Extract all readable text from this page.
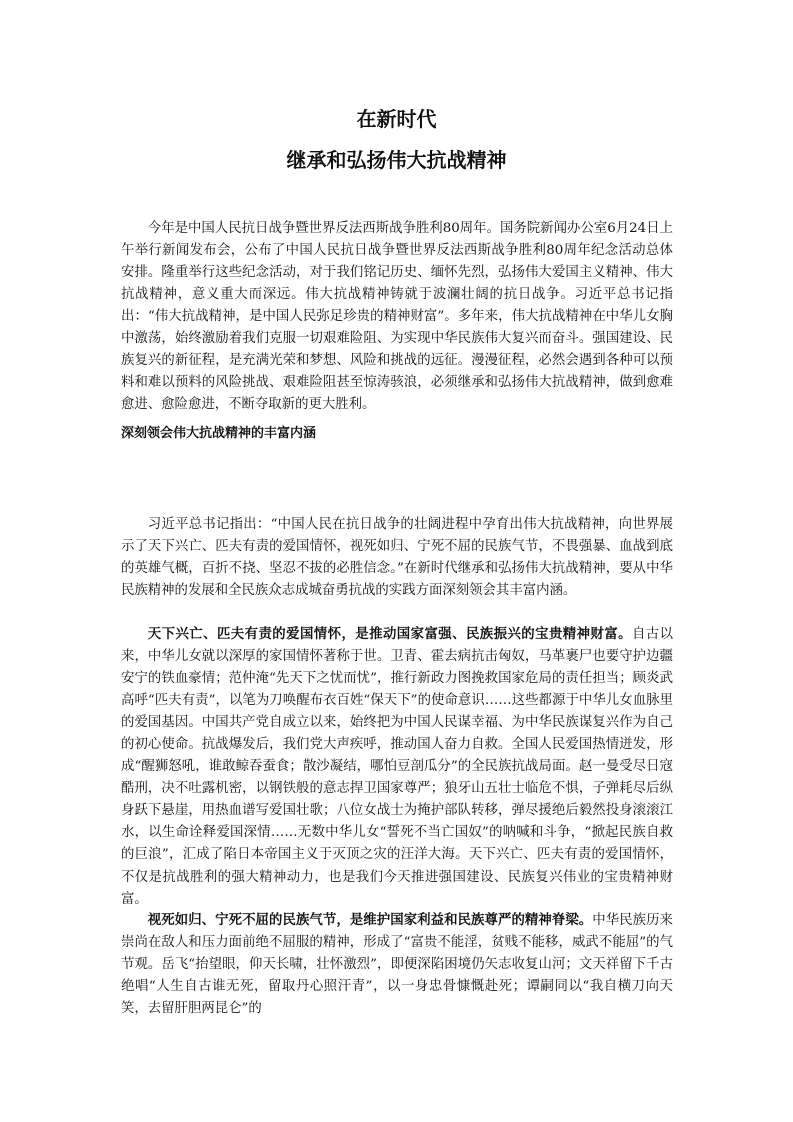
在新时代
继承和弘扬伟大抗战精神

今年是中国人民抗日战争暨世界反法西斯战争胜利80周年。国务院新闻办公室6月24日上午举行新闻发布会，公布了中国人民抗日战争暨世界反法西斯战争胜利80周年纪念活动总体安排。隆重举行这些纪念活动，对于我们铭记历史、缅怀先烈，弘扬伟大爱国主义精神、伟大抗战精神，意义重大而深远。伟大抗战精神铸就于波澜壮阔的抗日战争。习近平总书记指出：“伟大抗战精神，是中国人民弥足珍贵的精神财富”。多年来，伟大抗战精神在中华儿女胸中激荡，始终激励着我们克服一切艰难险阻、为实现中华民族伟大复兴而奋斗。强国建设、民族复兴的新征程，是充满光荣和梦想、风险和挑战的远征。漫漫征程，必然会遇到各种可以预料和难以预料的风险挑战、艰难险阻甚至惊涛骇浪，必须继承和弘扬伟大抗战精神，做到愈难愈进、愈险愈进，不断夺取新的更大胜利。

深刻领会伟大抗战精神的丰富内涵

习近平总书记指出：“中国人民在抗日战争的壮阔进程中孕育出伟大抗战精神，向世界展示了天下兴亡、匹夫有责的爱国情怀，视死如归、宁死不屈的民族气节，不畏强暴、血战到底的英雄气概，百折不挠、坚忍不拔的必胜信念。”在新时代继承和弘扬伟大抗战精神，要从中华民族精神的发展和全民族众志成城奋勇抗战的实践方面深刻领会其丰富内涵。

天下兴亡、匹夫有责的爱国情怀，是推动国家富强、民族振兴的宝贵精神财富。自古以来，中华儿女就以深厚的家国情怀著称于世。卫青、霍去病抗击匈奴，马革裹尸也要守护边疆安宁的铁血豪情；范仲淹“先天下之忧而忧”，推行新政力图挽救国家危局的责任担当；顾炎武高呼“匹夫有责”，以笔为刀唤醒布衣百姓“保天下”的使命意识……这些都源于中华儿女血脉里的爱国基因。中国共产党自成立以来，始终把为中国人民谋幸福、为中华民族谋复兴作为自己的初心使命。抗战爆发后，我们党大声疾呼，推动国人奋力自救。全国人民爱国热情迸发，形成“醒狮怒吼，谁敢鲸吞蚕食；散沙凝结，哪怕豆剖瓜分”的全民族抗战局面。赵一曼受尽日寇酷刑，决不吐露机密，以钢铁般的意志捍卫国家尊严；狼牙山五壮士临危不惧，子弹耗尽后纵身跃下悬崖，用热血谱写爱国壮歌；八位女战士为掩护部队转移，弹尽援绝后毅然投身滚滚江水，以生命诠释爱国深情……无数中华儿女“誓死不当亡国奴”的呐喊和斗争，“掀起民族自救的巨浪”，汇成了陷日本帝国主义于灭顶之灾的汪洋大海。天下兴亡、匹夫有责的爱国情怀，不仅是抗战胜利的强大精神动力，也是我们今天推进强国建设、民族复兴伟业的宝贵精神财富。

视死如归、宁死不屈的民族气节，是维护国家利益和民族尊严的精神脊梁。中华民族历来崇尚在敌人和压力面前绝不屈服的精神，形成了“富贵不能淫，贫贱不能移，威武不能屈”的气节观。岳飞“抬望眼，仰天长啸，壮怀激烈”，即便深陷困境仍矢志收复山河；文天祥留下千古绝唱“人生自古谁无死，留取丹心照汗青”，以一身忠骨慷慨赴死；谭嗣同以“我自横刀向天笑，去留肝胆两昆仑”的
